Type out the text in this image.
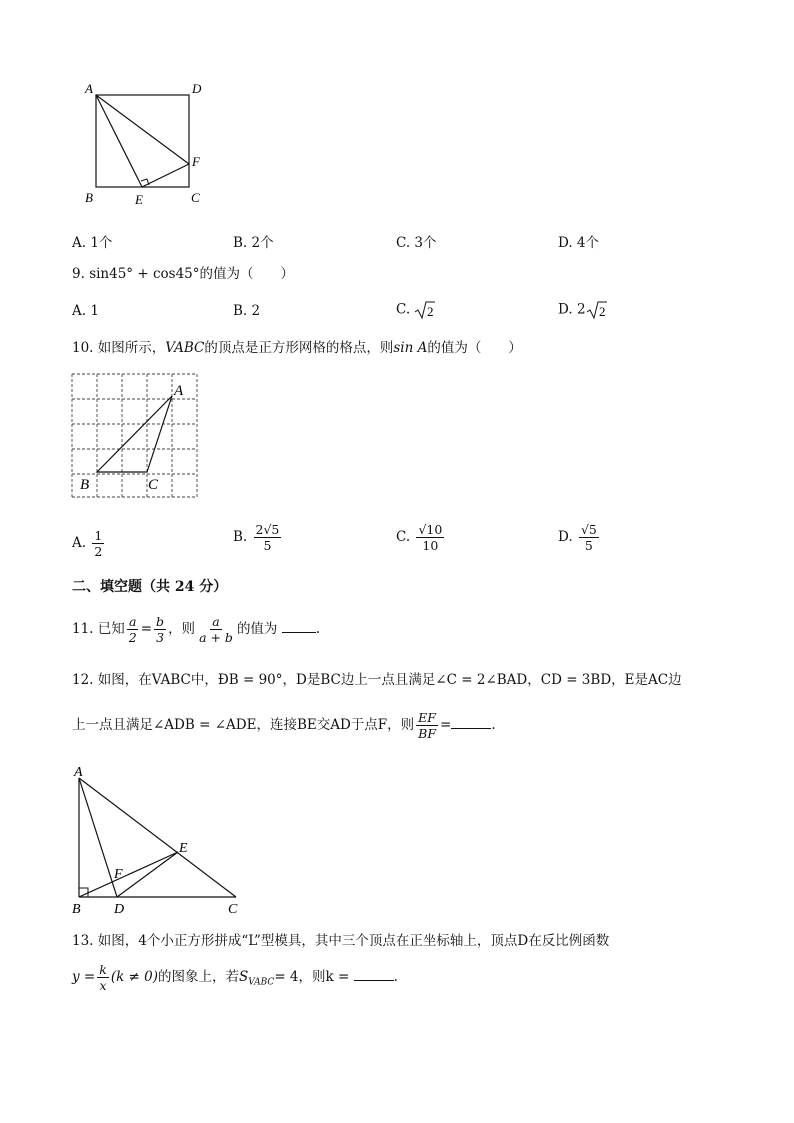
A	D
B	E	C
F
A. 1个	B. 2个	C. 3个	D. 4个
9. sin45° + cos45°的值为（　　）
A. 1	B. 2	C. 2	D. 2 2
10. 如图所示，VABC的顶点是正方形网格的格点，则sin A的值为（　　）
A
B	C
A. $\frac{1}{2}$	B. $\frac{2√5}{5}$	C. $\frac{√10}{10}$	D. $\frac{√5}{5}$
二、填空题（共 24 分）
11. 已知 $\frac{a}{2} = \frac{b}{3}$ ，则 $\frac{a}{a + b}$ 的值为	.
12. 如图，在VABC中，ÐB = 90°，D是BC边上一点且满足∠C = 2∠BAD，CD = 3BD，E是AC边
上一点且满足∠ADB = ∠ADE，连接BE交AD于点F，则 $\frac{EF}{BF}$ =	.
A
B D	C
E
F
13. 如图，4个小正方形拼成“L”型模具，其中三个顶点在正坐标轴上，顶点D在反比例函数
$y = \frac{k}{x} (k \ne 0)$的图象上，若$S_{VABC}= 4$，则k =	.
